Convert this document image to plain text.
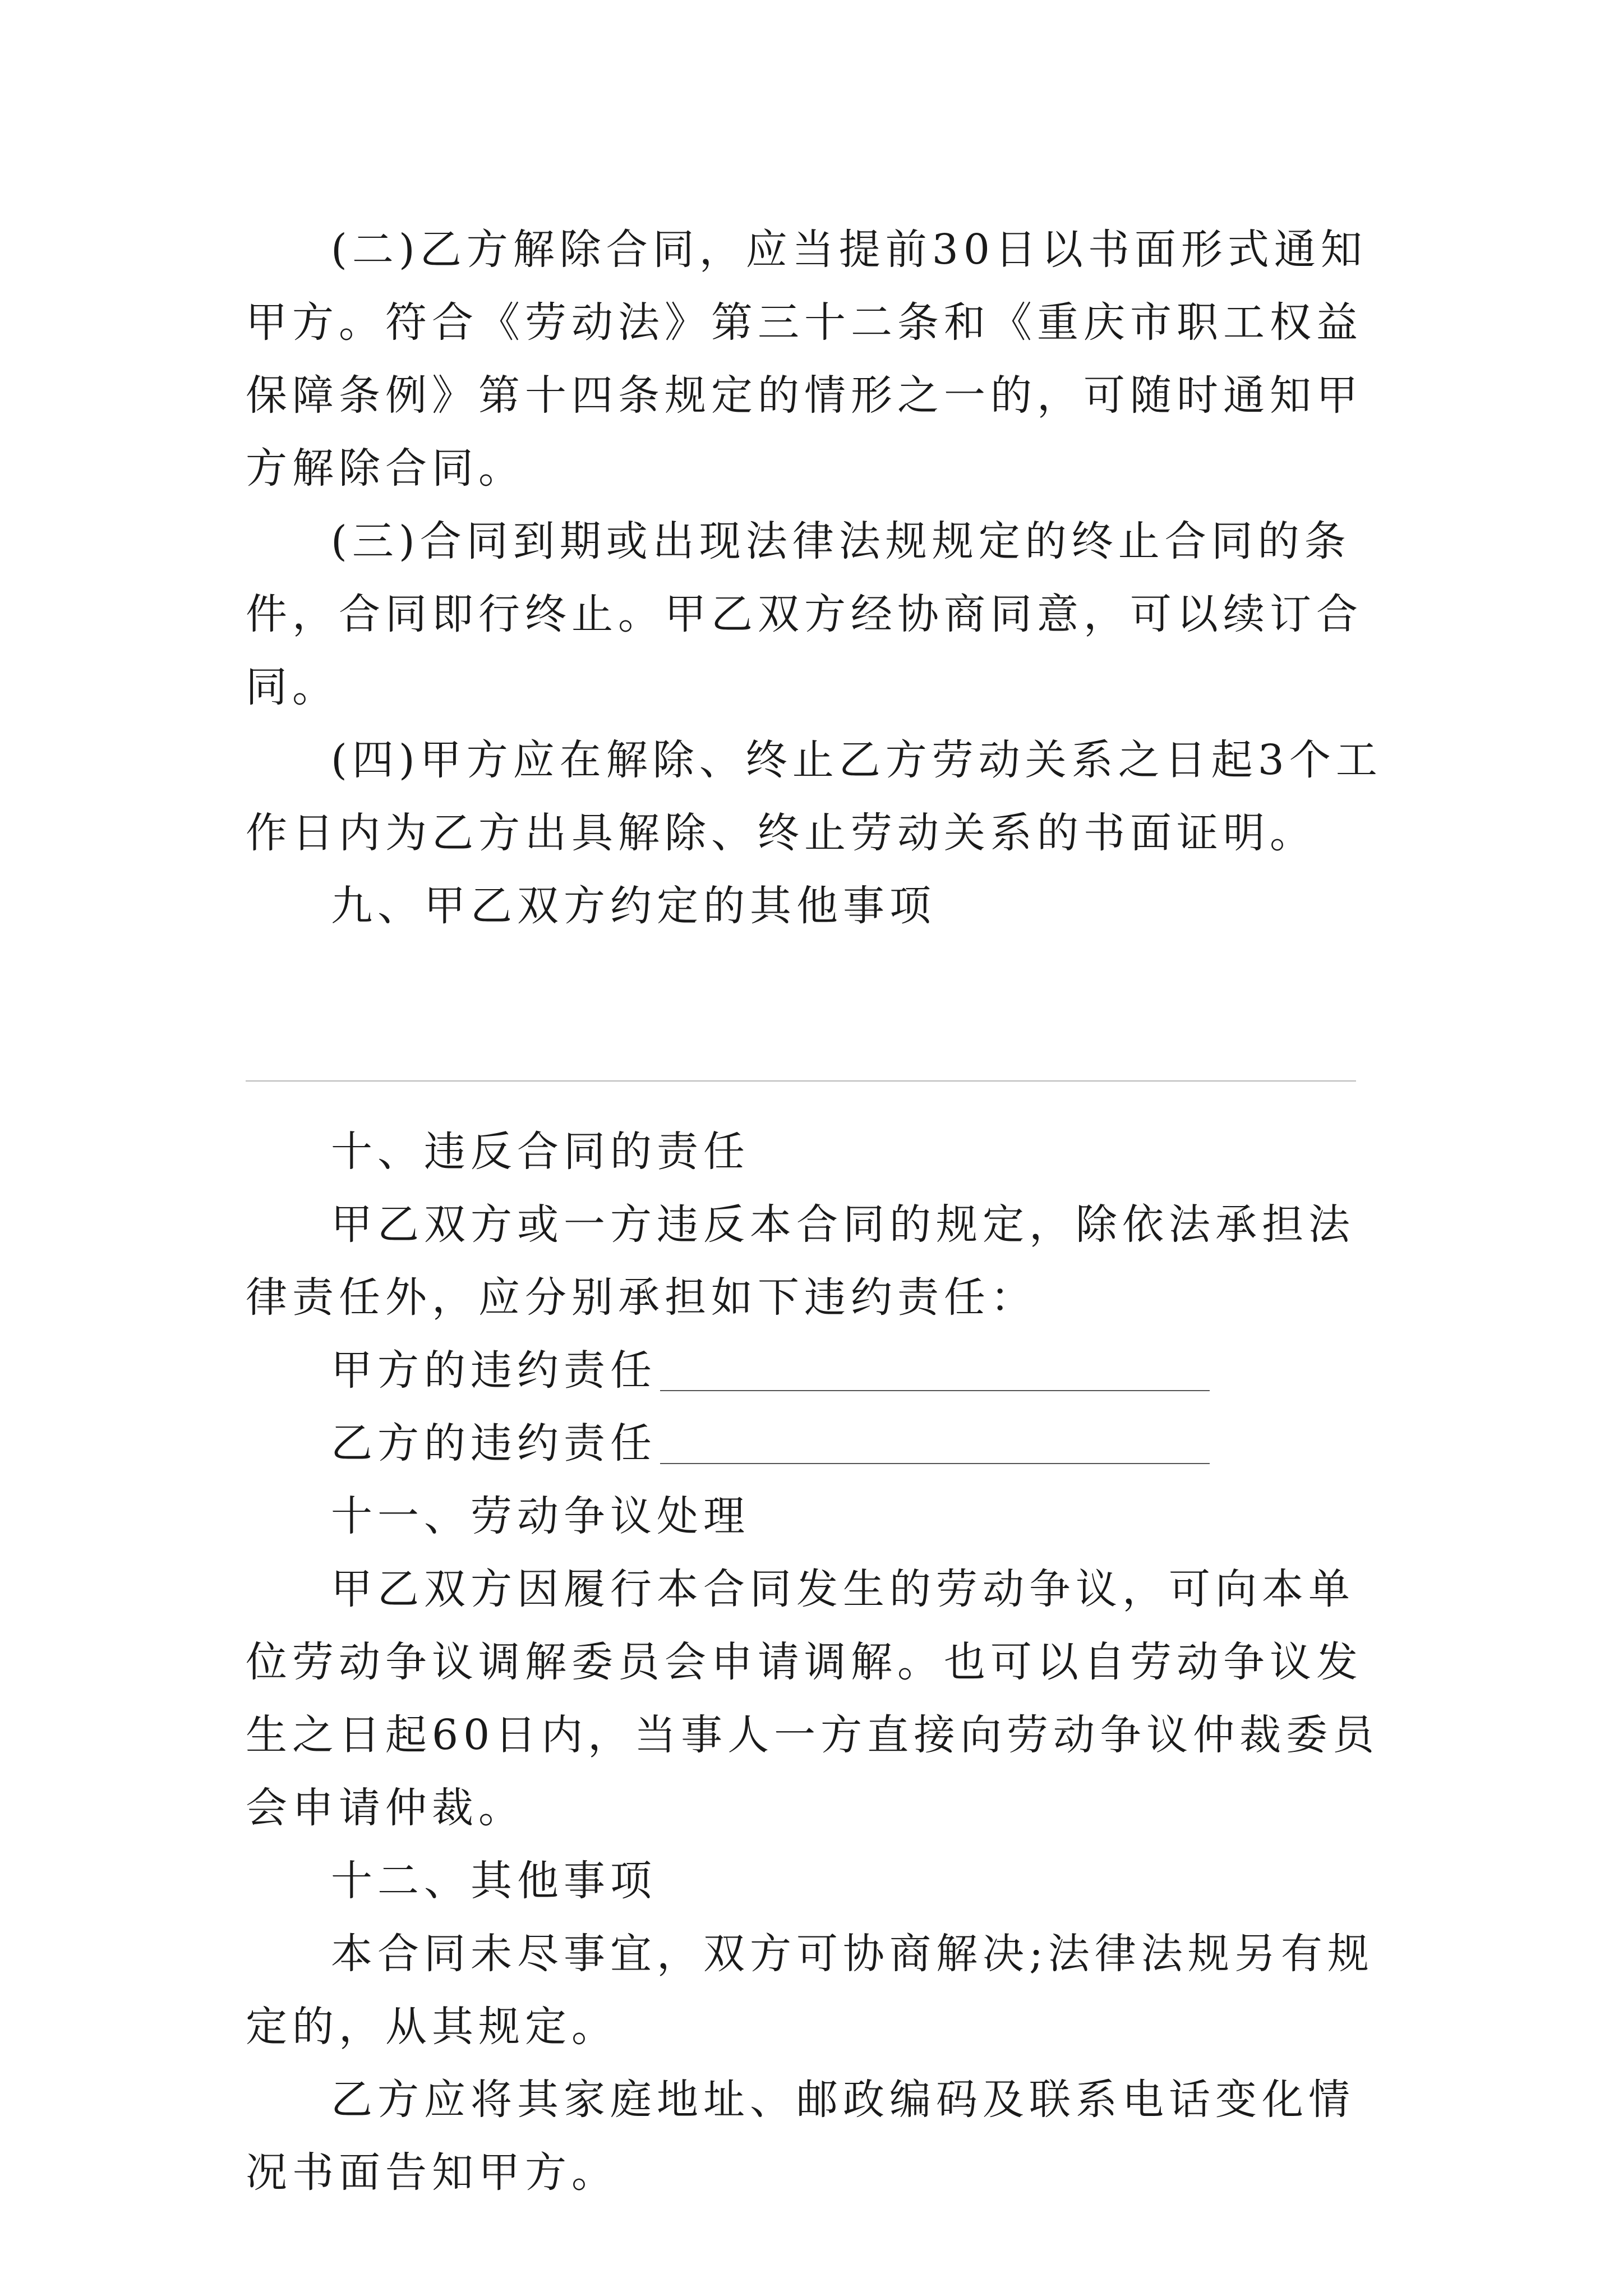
(二)乙方解除合同，应当提前30日以书面形式通知甲方。符合《劳动法》第三十二条和《重庆市职工权益保障条例》第十四条规定的情形之一的，可随时通知甲方解除合同。

(三)合同到期或出现法律法规规定的终止合同的条件，合同即行终止。甲乙双方经协商同意，可以续订合同。

(四)甲方应在解除、终止乙方劳动关系之日起3个工作日内为乙方出具解除、终止劳动关系的书面证明。

九、甲乙双方约定的其他事项

十、违反合同的责任

甲乙双方或一方违反本合同的规定，除依法承担法律责任外，应分别承担如下违约责任：

甲方的违约责任

乙方的违约责任

十一、劳动争议处理

甲乙双方因履行本合同发生的劳动争议，可向本单位劳动争议调解委员会申请调解。也可以自劳动争议发生之日起60日内，当事人一方直接向劳动争议仲裁委员会申请仲裁。

十二、其他事项

本合同未尽事宜，双方可协商解决;法律法规另有规定的，从其规定。

乙方应将其家庭地址、邮政编码及联系电话变化情况书面告知甲方。
